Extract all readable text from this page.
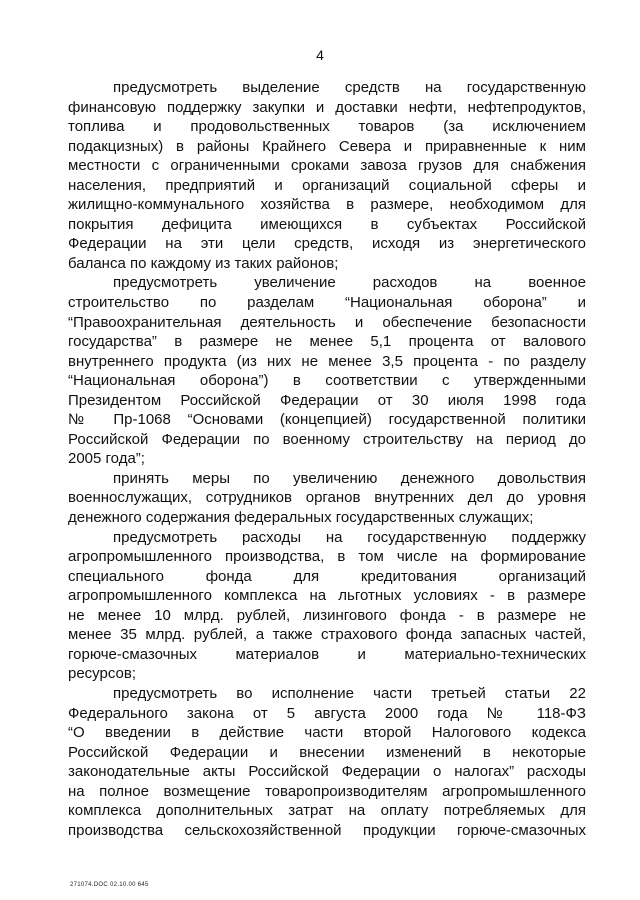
4

предусмотреть выделение средств на государственную
финансовую поддержку закупки и доставки нефти, нефтепродуктов,
топлива и продовольственных товаров (за исключением
подакцизных) в районы Крайнего Севера и приравненные к ним
местности с ограниченными сроками завоза грузов для снабжения
населения, предприятий и организаций социальной сферы и
жилищно-коммунального хозяйства в размере, необходимом для
покрытия дефицита имеющихся в субъектах Российской
Федерации на эти цели средств, исходя из энергетического
баланса по каждому из таких районов;

предусмотреть увеличение расходов на военное
строительство по разделам “Национальная оборона” и
“Правоохранительная деятельность и обеспечение безопасности
государства” в размере не менее 5,1 процента от валового
внутреннего продукта (из них не менее 3,5 процента - по разделу
“Национальная оборона”) в соответствии с утвержденными
Президентом Российской Федерации от 30 июля 1998 года
№ Пр-1068 “Основами (концепцией) государственной политики
Российской Федерации по военному строительству на период до
2005 года”;

принять меры по увеличению денежного довольствия
военнослужащих, сотрудников органов внутренних дел до уровня
денежного содержания федеральных государственных служащих;

предусмотреть расходы на государственную поддержку
агропромышленного производства, в том числе на формирование
специального фонда для кредитования организаций
агропромышленного комплекса на льготных условиях - в размере
не менее 10 млрд. рублей, лизингового фонда - в размере не
менее 35 млрд. рублей, а также страхового фонда запасных частей,
горюче-смазочных материалов и материально-технических
ресурсов;

предусмотреть во исполнение части третьей статьи 22
Федерального закона от 5 августа 2000 года № 118-ФЗ
“О введении в действие части второй Налогового кодекса
Российской Федерации и внесении изменений в некоторые
законодательные акты Российской Федерации о налогах” расходы
на полное возмещение товаропроизводителям агропромышленного
комплекса дополнительных затрат на оплату потребляемых для
производства сельскохозяйственной продукции горюче-смазочных

271074.DOC 02.10.00 645
